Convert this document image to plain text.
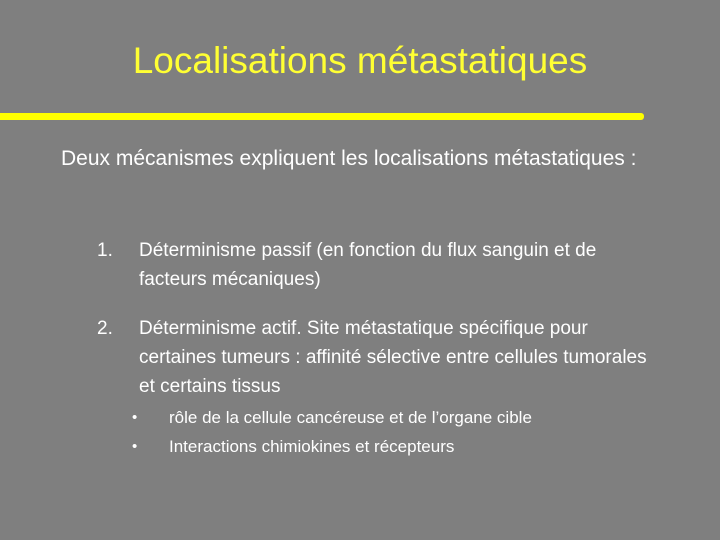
Localisations métastatiques
Deux mécanismes expliquent les localisations métastatiques :
1. Déterminisme passif (en fonction du flux sanguin et de facteurs mécaniques)
2. Déterminisme actif. Site métastatique spécifique pour certaines tumeurs : affinité sélective entre cellules tumorales et certains tissus
• rôle de la cellule cancéreuse et de l’organe cible
• Interactions chimiokines et récepteurs
